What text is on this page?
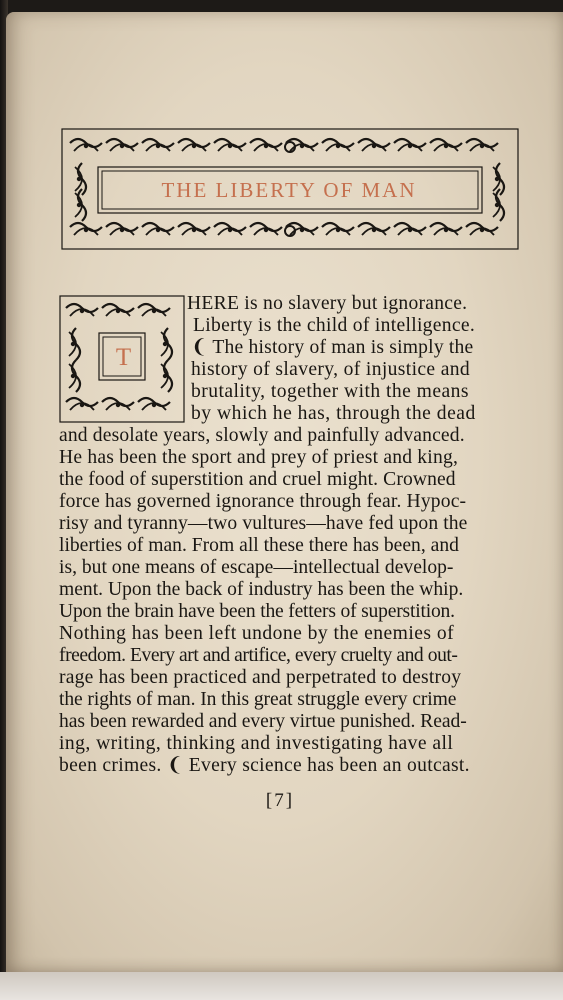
THE LIBERTY OF MAN
T
HERE is no slavery but ignorance.
Liberty is the child of intelligence.
❨ The history of man is simply the
history of slavery, of injustice and
brutality, together with the means
by which he has, through the dead
and desolate years, slowly and painfully advanced.
He has been the sport and prey of priest and king,
the food of superstition and cruel might. Crowned
force has governed ignorance through fear. Hypoc-
risy and tyranny—two vultures—have fed upon the
liberties of man. From all these there has been, and
is, but one means of escape—intellectual develop-
ment. Upon the back of industry has been the whip.
Upon the brain have been the fetters of superstition.
Nothing has been left undone by the enemies of
freedom. Every art and artifice, every cruelty and out-
rage has been practiced and perpetrated to destroy
the rights of man. In this great struggle every crime
has been rewarded and every virtue punished. Read-
ing, writing, thinking and investigating have all
been crimes. ❨ Every science has been an outcast.
[7]
